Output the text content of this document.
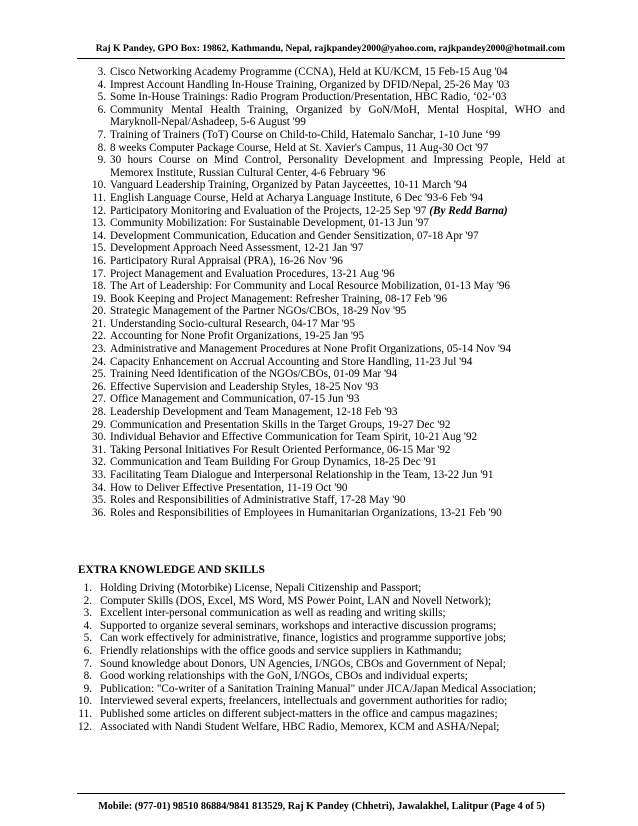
Raj K Pandey, GPO Box: 19862, Kathmandu, Nepal, rajkpandey2000@yahoo.com, rajkpandey2000@hotmail.com
3. Cisco Networking Academy Programme (CCNA), Held at KU/KCM, 15 Feb-15 Aug '04
4. Imprest Account Handling In-House Training, Organized by DFID/Nepal, 25-26 May '03
5. Some In-House Trainings: Radio Program Production/Presentation, HBC Radio, ‘02-‘03
6. Community Mental Health Training, Organized by GoN/MoH, Mental Hospital, WHO and Maryknoll-Nepal/Ashadeep, 5-6 August '99
7. Training of Trainers (ToT) Course on Child-to-Child, Hatemalo Sanchar, 1-10 June ‘99
8. 8 weeks Computer Package Course, Held at St. Xavier's Campus, 11 Aug-30 Oct '97
9. 30 hours Course on Mind Control, Personality Development and Impressing People, Held at Memorex Institute, Russian Cultural Center, 4-6 February '96
10. Vanguard Leadership Training, Organized by Patan Jayceettes, 10-11 March '94
11. English Language Course, Held at Acharya Language Institute, 6 Dec '93-6 Feb '94
12. Participatory Monitoring and Evaluation of the Projects, 12-25 Sep '97 (By Redd Barna)
13. Community Mobilization: For Sustainable Development, 01-13 Jun '97
14. Development Communication, Education and Gender Sensitization, 07-18 Apr '97
15. Development Approach Need Assessment, 12-21 Jan '97
16. Participatory Rural Appraisal (PRA), 16-26 Nov '96
17. Project Management and Evaluation Procedures, 13-21 Aug '96
18. The Art of Leadership: For Community and Local Resource Mobilization, 01-13 May '96
19. Book Keeping and Project Management: Refresher Training, 08-17 Feb '96
20. Strategic Management of the Partner NGOs/CBOs, 18-29 Nov '95
21. Understanding Socio-cultural Research, 04-17 Mar '95
22. Accounting for None Profit Organizations, 19-25 Jan '95
23. Administrative and Management Procedures at None Profit Organizations, 05-14 Nov '94
24. Capacity Enhancement on Accrual Accounting and Store Handling, 11-23 Jul '94
25. Training Need Identification of the NGOs/CBOs, 01-09 Mar '94
26. Effective Supervision and Leadership Styles, 18-25 Nov '93
27. Office Management and Communication, 07-15 Jun '93
28. Leadership Development and Team Management, 12-18 Feb '93
29. Communication and Presentation Skills in the Target Groups, 19-27 Dec '92
30. Individual Behavior and Effective Communication for Team Spirit, 10-21 Aug '92
31. Taking Personal Initiatives For Result Oriented Performance, 06-15 Mar '92
32. Communication and Team Building For Group Dynamics, 18-25 Dec '91
33. Facilitating Team Dialogue and Interpersonal Relationship in the Team, 13-22 Jun '91
34. How to Deliver Effective Presentation, 11-19 Oct '90
35. Roles and Responsibilities of Administrative Staff, 17-28 May '90
36. Roles and Responsibilities of Employees in Humanitarian Organizations, 13-21 Feb '90
EXTRA KNOWLEDGE AND SKILLS
1. Holding Driving (Motorbike) License, Nepali Citizenship and Passport;
2. Computer Skills (DOS, Excel, MS Word, MS Power Point, LAN and Novell Network);
3. Excellent inter-personal communication as well as reading and writing skills;
4. Supported to organize several seminars, workshops and interactive discussion programs;
5. Can work effectively for administrative, finance, logistics and programme supportive jobs;
6. Friendly relationships with the office goods and service suppliers in Kathmandu;
7. Sound knowledge about Donors, UN Agencies, I/NGOs, CBOs and Government of Nepal;
8. Good working relationships with the GoN, I/NGOs, CBOs and individual experts;
9. Publication: "Co-writer of a Sanitation Training Manual" under JICA/Japan Medical Association;
10. Interviewed several experts, freelancers, intellectuals and government authorities for radio;
11. Published some articles on different subject-matters in the office and campus magazines;
12. Associated with Nandi Student Welfare, HBC Radio, Memorex, KCM and ASHA/Nepal;
Mobile: (977-01) 98510 86884/9841 813529, Raj K Pandey (Chhetri), Jawalakhel, Lalitpur (Page 4 of 5)
